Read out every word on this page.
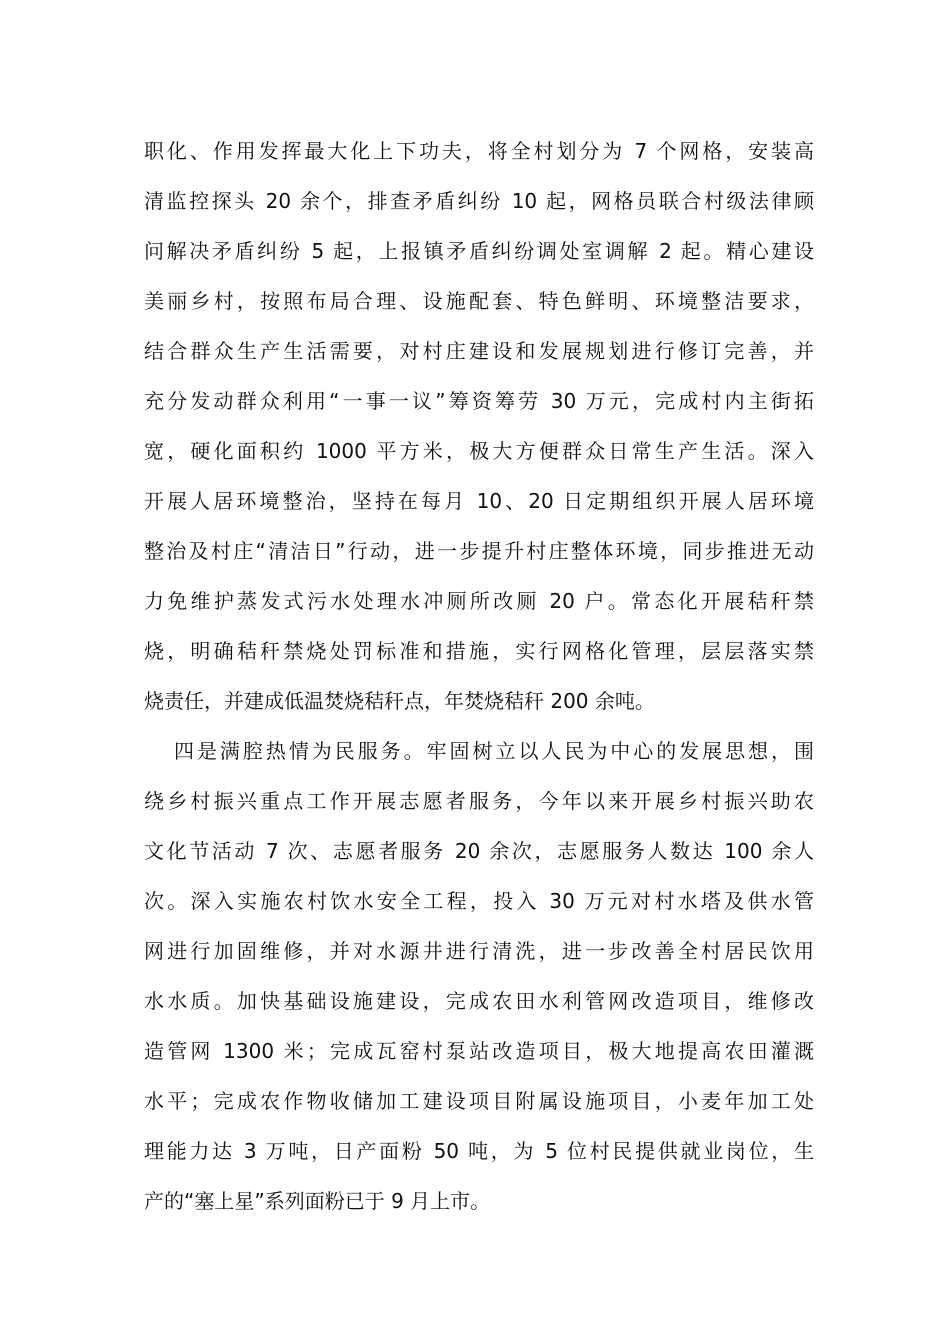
职化、作用发挥最大化上下功夫，将全村划分为 7 个网格，安装高
清监控探头 20 余个，排查矛盾纠纷 10 起，网格员联合村级法律顾
问解决矛盾纠纷 5 起，上报镇矛盾纠纷调处室调解 2 起。精心建设
美丽乡村，按照布局合理、设施配套、特色鲜明、环境整洁要求，
结合群众生产生活需要，对村庄建设和发展规划进行修订完善，并
充分发动群众利用“一事一议”筹资筹劳 30 万元，完成村内主街拓
宽，硬化面积约 1000 平方米，极大方便群众日常生产生活。深入
开展人居环境整治，坚持在每月 10、20 日定期组织开展人居环境
整治及村庄“清洁日”行动，进一步提升村庄整体环境，同步推进无动
力免维护蒸发式污水处理水冲厕所改厕 20 户。常态化开展秸秆禁
烧，明确秸秆禁烧处罚标准和措施，实行网格化管理，层层落实禁
烧责任，并建成低温焚烧秸秆点，年焚烧秸秆 200 余吨。
四是满腔热情为民服务。牢固树立以人民为中心的发展思想，围
绕乡村振兴重点工作开展志愿者服务，今年以来开展乡村振兴助农
文化节活动 7 次、志愿者服务 20 余次，志愿服务人数达 100 余人
次。深入实施农村饮水安全工程，投入 30 万元对村水塔及供水管
网进行加固维修，并对水源井进行清洗，进一步改善全村居民饮用
水水质。加快基础设施建设，完成农田水利管网改造项目，维修改
造管网 1300 米；完成瓦窑村泵站改造项目，极大地提高农田灌溉
水平；完成农作物收储加工建设项目附属设施项目，小麦年加工处
理能力达 3 万吨，日产面粉 50 吨，为 5 位村民提供就业岗位，生
产的“塞上星”系列面粉已于 9 月上市。
